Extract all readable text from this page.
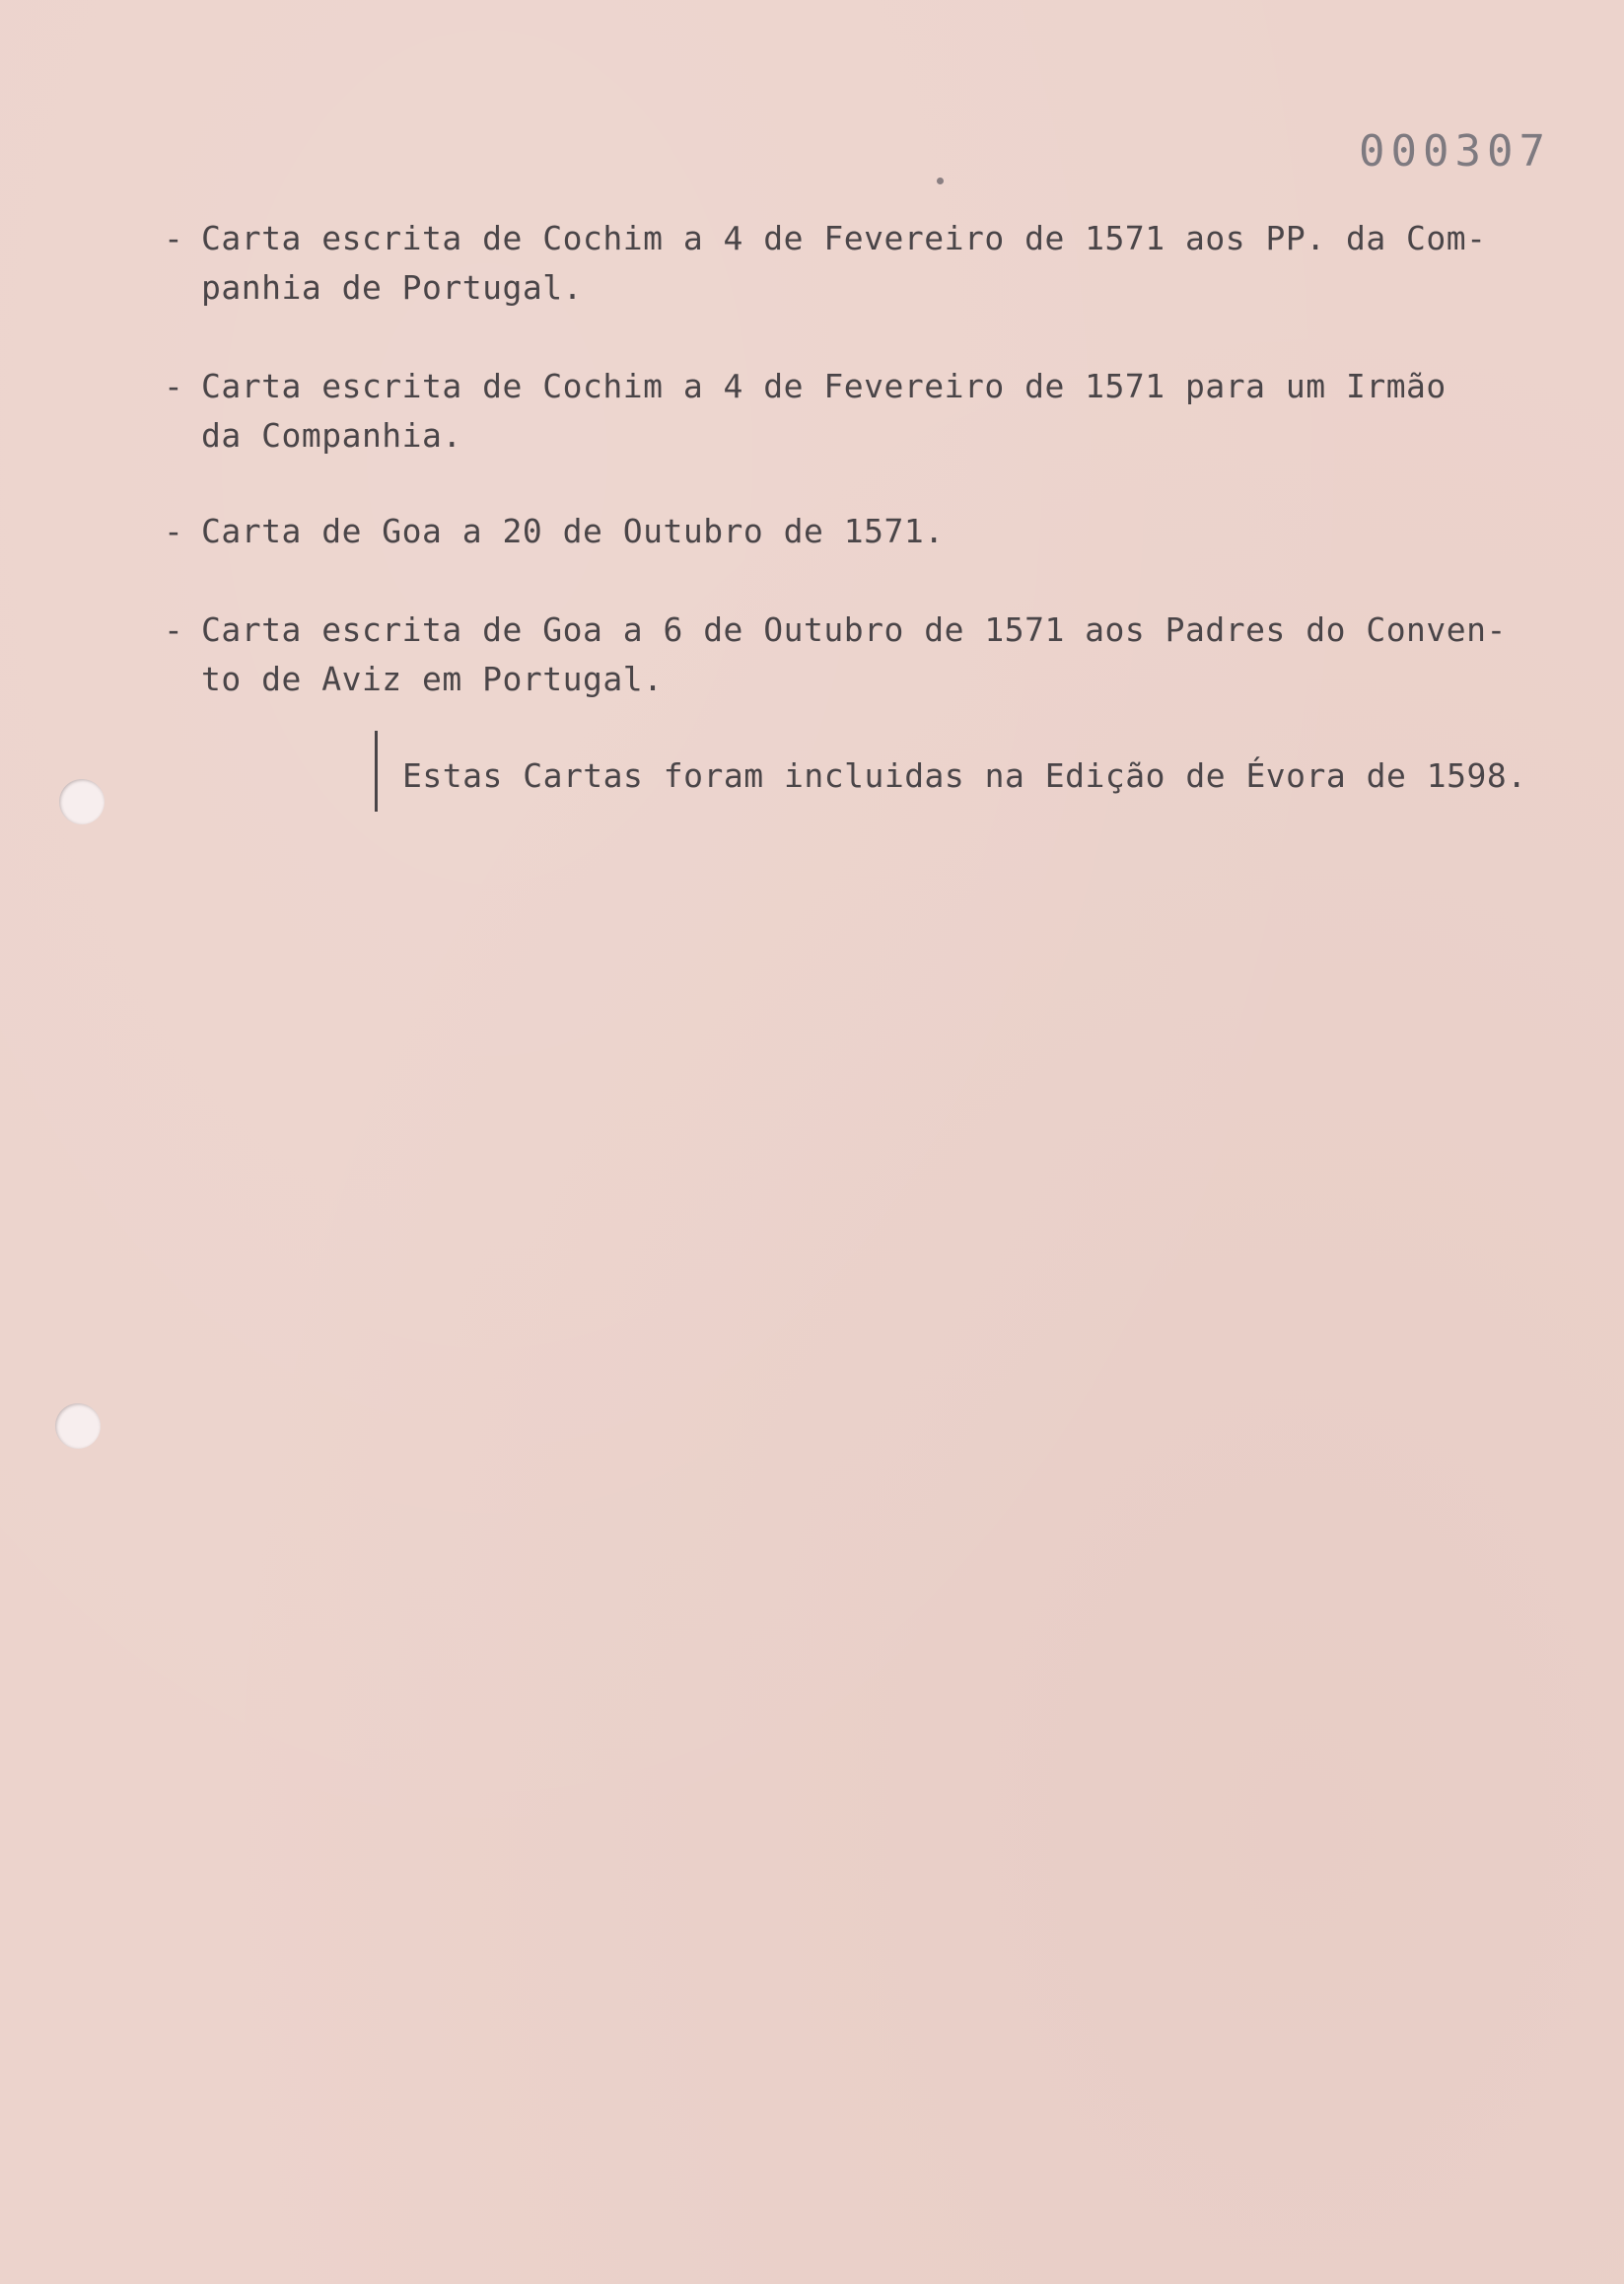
000307
- Carta escrita de Cochim a 4 de Fevereiro de 1571 aos PP. da Com-
panhia de Portugal.
- Carta escrita de Cochim a 4 de Fevereiro de 1571 para um Irmão
da Companhia.
- Carta de Goa a 20 de Outubro de 1571.
- Carta escrita de Goa a 6 de Outubro de 1571 aos Padres do Conven-
to de Aviz em Portugal.
Estas Cartas foram incluidas na Edição de Évora de 1598.
